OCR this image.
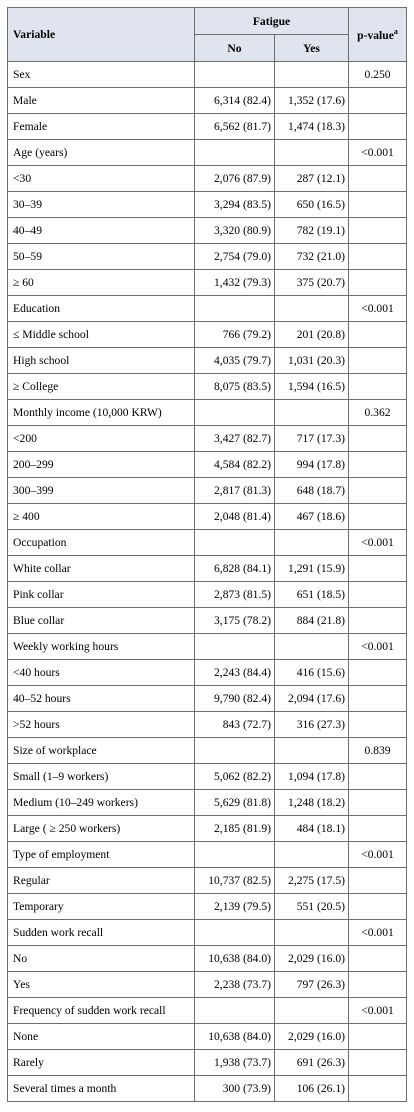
Variable	Fatigue		p-value$^a$
	No	Yes	
Sex			0.250
Male	6,314 (82.4)	1,352 (17.6)	
Female	6,562 (81.7)	1,474 (18.3)	
Age (years)			<0.001
<30	2,076 (87.9)	287 (12.1)	
30–39	3,294 (83.5)	650 (16.5)	
40–49	3,320 (80.9)	782 (19.1)	
50–59	2,754 (79.0)	732 (21.0)	
≥ 60	1,432 (79.3)	375 (20.7)	
Education			<0.001
≤ Middle school	766 (79.2)	201 (20.8)	
High school	4,035 (79.7)	1,031 (20.3)	
≥ College	8,075 (83.5)	1,594 (16.5)	
Monthly income (10,000 KRW)			0.362
<200	3,427 (82.7)	717 (17.3)	
200–299	4,584 (82.2)	994 (17.8)	
300–399	2,817 (81.3)	648 (18.7)	
≥ 400	2,048 (81.4)	467 (18.6)	
Occupation			<0.001
White collar	6,828 (84.1)	1,291 (15.9)	
Pink collar	2,873 (81.5)	651 (18.5)	
Blue collar	3,175 (78.2)	884 (21.8)	
Weekly working hours			<0.001
<40 hours	2,243 (84.4)	416 (15.6)	
40–52 hours	9,790 (82.4)	2,094 (17.6)	
>52 hours	843 (72.7)	316 (27.3)	
Size of workplace			0.839
Small (1–9 workers)	5,062 (82.2)	1,094 (17.8)	
Medium (10–249 workers)	5,629 (81.8)	1,248 (18.2)	
Large ( ≥ 250 workers)	2,185 (81.9)	484 (18.1)	
Type of employment			<0.001
Regular	10,737 (82.5)	2,275 (17.5)	
Temporary	2,139 (79.5)	551 (20.5)	
Sudden work recall			<0.001
No	10,638 (84.0)	2,029 (16.0)	
Yes	2,238 (73.7)	797 (26.3)	
Frequency of sudden work recall			<0.001
None	10,638 (84.0)	2,029 (16.0)	
Rarely	1,938 (73.7)	691 (26.3)	
Several times a month	300 (73.9)	106 (26.1)	
